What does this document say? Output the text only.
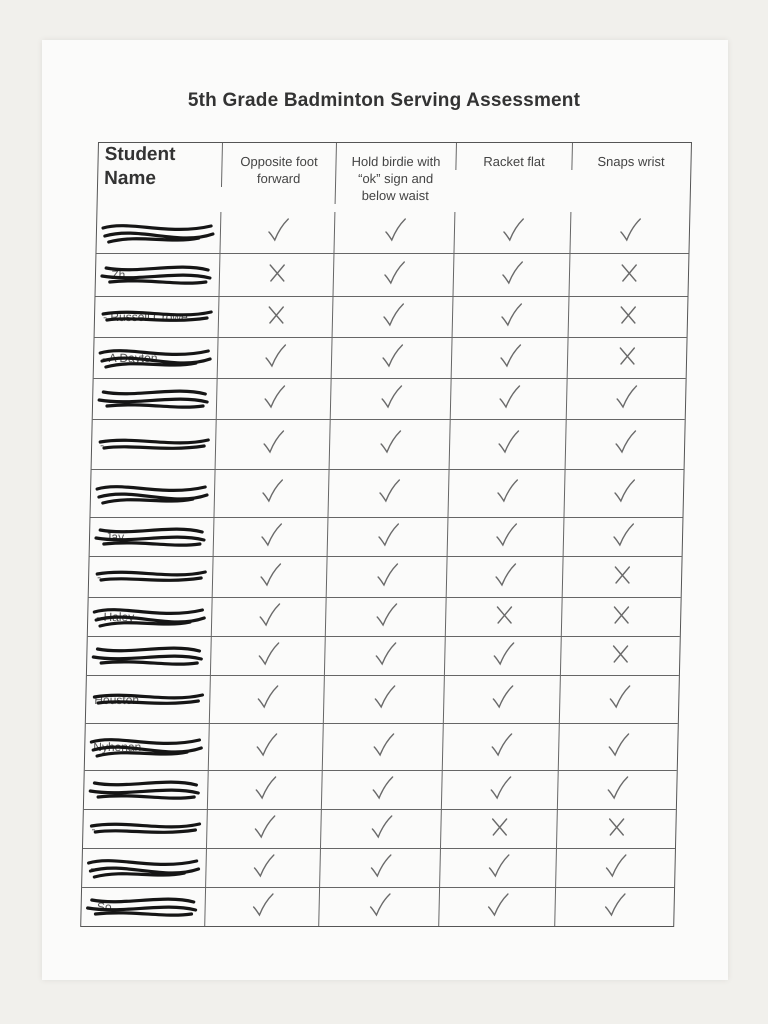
5th Grade Badminton Serving Assessment
Student
Name
Opposite foot
forward
Hold birdie with
“ok” sign and
below waist
Racket flat	Snaps wrist
- Zh
- Russell Crowe
- A Dayton
-
-
- Jay
-
- Haley
-
Houston
Nyhenan
-
-
-
- So
